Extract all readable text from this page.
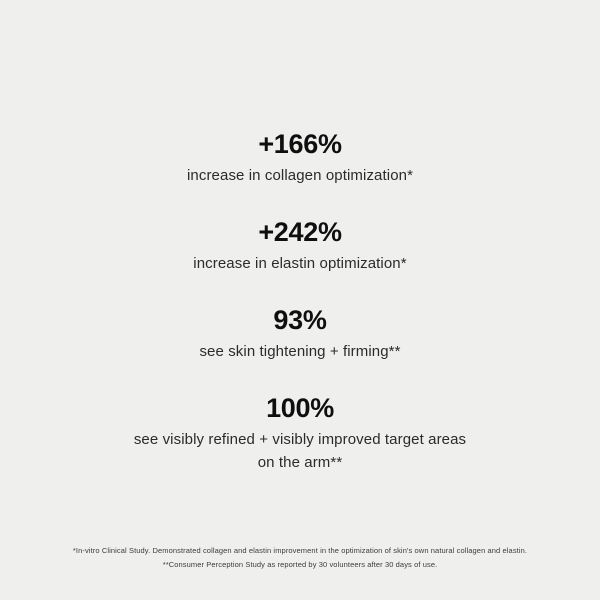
+166%

increase in collagen optimization*

+242%

increase in elastin optimization*

93%

see skin tightening + firming**

100%

see visibly refined + visibly improved target areas on the arm**

*In-vitro Clinical Study. Demonstrated collagen and elastin improvement in the optimization of skin's own natural collagen and elastin.

**Consumer Perception Study as reported by 30 volunteers after 30 days of use.
